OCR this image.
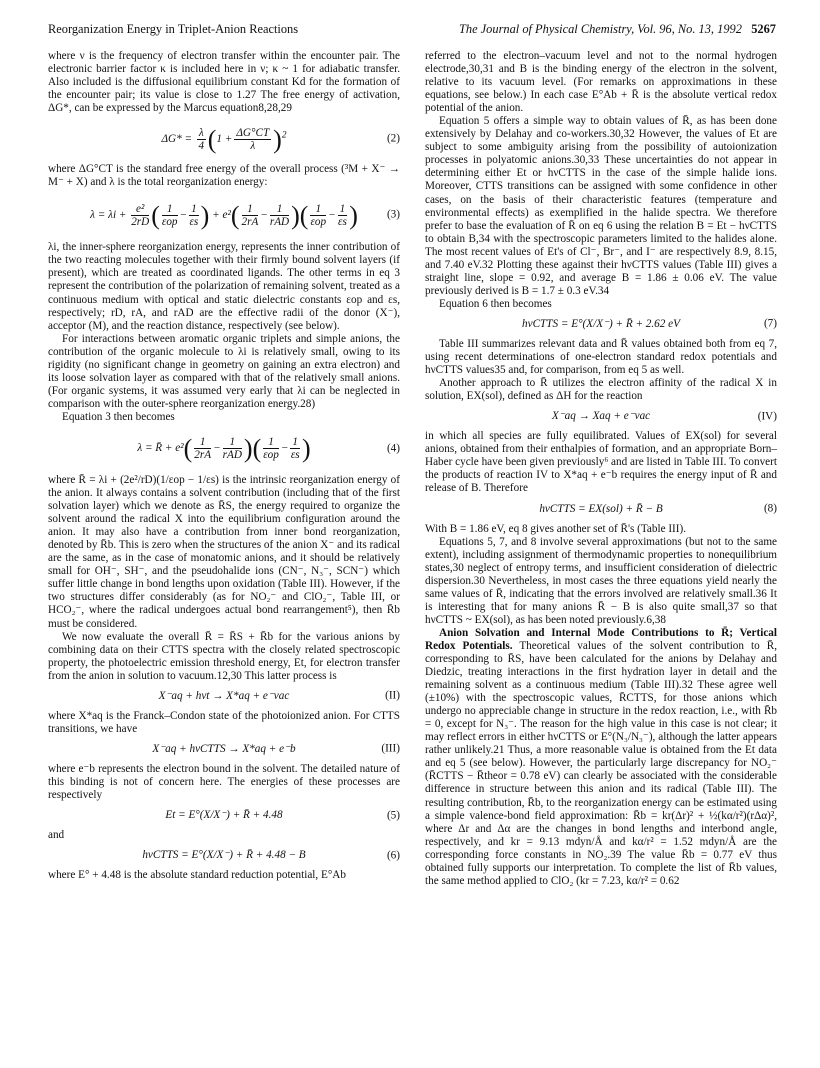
Reorganization Energy in Triplet-Anion Reactions	The Journal of Physical Chemistry, Vol. 96, No. 13, 1992 5267

where ν is the frequency of electron transfer within the encounter pair. The electronic barrier factor κ is included here in ν; κ ~ 1 for adiabatic transfer. Also included is the diffusional equilibrium constant Kd for the formation of the encounter pair; its value is close to 1.27 The free energy of activation, ΔG*, can be expressed by the Marcus equation8,28,29

$\Delta G* = \frac{\lambda}{4} (1 + \frac{\Delta G^\circ CT}{\lambda} )^2$	(2)

where ΔG°CT is the standard free energy of the overall process (³M + X⁻ → M⁻ + X) and λ is the total reorganization energy:

$\lambda = \lambda i + \frac{\text{e²}}{2rD}$ ( 1
εop
− $\frac{1}{\varepsilon s}$ ) + $e^2( \frac{1}{2rA}$ −
1
rAD )( 1
εop
− $\frac{1}{\varepsilon s}$ )	(3)

λi, the inner-sphere reorganization energy, represents the inner contribution of the two reacting molecules together with their firmly bound solvent layers (if present), which are treated as coordinated ligands. The other terms in eq 3 represent the contribution of the polarization of remaining solvent, treated as a continuous medium with optical and static dielectric constants εop and εs, respectively; rD, rA, and rAD are the effective radii of the donor (X⁻), acceptor (M), and the reaction distance, respectively (see below).

For interactions between aromatic organic triplets and simple anions, the contribution of the organic molecule to λi is relatively small, owing to its rigidity (no significant change in geometry on gaining an extra electron) and its loose solvation layer as compared with that of the relatively small anions. (For organic systems, it was assumed very early that λi can be neglected in comparison with the outer-sphere reorganization energy.28)

Equation 3 then becomes

λ = R̄ + $e^2( \frac{1}{2rA}$ −
1
rAD )( 1
εop
− $\frac{1}{\varepsilon s}$ )	(4)

where R̄ = λi + (2e²/rD)(1/εop − 1/εs) is the intrinsic reorganization energy of the anion. It always contains a solvent contribution (including that of the first solvation layer) which we denote as R̄S, the energy required to organize the solvent around the radical X into the equilibrium configuration around the anion. It may also have a contribution from inner bond reorganization, denoted by R̄b. This is zero when the structures of the anion X⁻ and its radical are the same, as in the case of monatomic anions, and it should be relatively small for OH⁻, SH⁻, and the pseudohalide ions (CN⁻, N₃⁻, SCN⁻) which suffer little change in bond lengths upon oxidation (Table III). However, if the two structures differ considerably (as for NO₂⁻ and ClO₂⁻, Table III, or HCO₂⁻, where the radical undergoes actual bond rearrangement⁵), then R̄b must be considered.

We now evaluate the overall R̄ = R̄S + R̄b for the various anions by combining data on their CTTS spectra with the closely related spectroscopic property, the photoelectric emission threshold energy, Et, for electron transfer from the anion in solution to vacuum.12,30 This latter process is

X⁻aq + hνt → X*aq + e⁻vac	(II)

where X*aq is the Franck–Condon state of the photoionized anion. For CTTS transitions, we have

X⁻aq + hνCTTS → X*aq + e⁻b	(III)

where e⁻b represents the electron bound in the solvent. The detailed nature of this binding is not of concern here. The energies of these processes are respectively

Et = E°(X/X⁻) + R̄ + 4.48	(5)

and

hνCTTS = E°(X/X⁻) + R̄ + 4.48 − B	(6)

where E° + 4.48 is the absolute standard reduction potential, E°Ab

referred to the electron–vacuum level and not to the normal hydrogen electrode,30,31 and B is the binding energy of the electron in the solvent, relative to its vacuum level. (For remarks on approximations in these equations, see below.) In each case E°Ab + R̄ is the absolute vertical redox potential of the anion.

Equation 5 offers a simple way to obtain values of R̄, as has been done extensively by Delahay and co-workers.30,32 However, the values of Et are subject to some ambiguity arising from the possibility of autoionization processes in polyatomic anions.30,33 These uncertainties do not appear in determining either Et or hνCTTS in the case of the simple halide ions. Moreover, CTTS transitions can be assigned with some confidence in other cases, on the basis of their characteristic features (temperature and environmental effects) as exemplified in the halide spectra. We therefore prefer to base the evaluation of R̄ on eq 6 using the relation B = Et − hνCTTS to obtain B,34 with the spectroscopic parameters limited to the halides alone. The most recent values of Et's of Cl⁻, Br⁻, and I⁻ are respectively 8.9, 8.15, and 7.40 eV.32 Plotting these against their hνCTTS values (Table III) gives a straight line, slope = 0.92, and average B = 1.86 ± 0.06 eV. The value previously derived is B = 1.7 ± 0.3 eV.34

Equation 6 then becomes

hνCTTS = E°(X/X⁻) + R̄ + 2.62 eV	(7)

Table III summarizes relevant data and R̄ values obtained both from eq 7, using recent determinations of one-electron standard redox potentials and hνCTTS values35 and, for comparison, from eq 5 as well.

Another approach to R̄ utilizes the electron affinity of the radical X in solution, EX(sol), defined as ΔH for the reaction

X⁻aq → Xaq + e⁻vac	(IV)

in which all species are fully equilibrated. Values of EX(sol) for several anions, obtained from their enthalpies of formation, and an appropriate Born–Haber cycle have been given previously⁶ and are listed in Table III. To convert the products of reaction IV to X*aq + e⁻b requires the energy input of R̄ and release of B. Therefore

hνCTTS = EX(sol) + R̄ − B	(8)

With B = 1.86 eV, eq 8 gives another set of R̄'s (Table III).

Equations 5, 7, and 8 involve several approximations (but not to the same extent), including assignment of thermodynamic properties to nonequilibrium states,30 neglect of entropy terms, and insufficient consideration of dielectric dispersion.30 Nevertheless, in most cases the three equations yield nearly the same values of R̄, indicating that the errors involved are relatively small.36 It is interesting that for many anions R̄ − B is also quite small,37 so that hνCTTS ~ EX(sol), as has been noted previously.6,38

Anion Solvation and Internal Mode Contributions to R̄; Vertical Redox Potentials. Theoretical values of the solvent contribution to R̄, corresponding to R̄S, have been calculated for the anions by Delahay and Diedzic, treating interactions in the first hydration layer in detail and the remaining solvent as a continuous medium (Table III).32 These agree well (±10%) with the spectroscopic values, R̄CTTS, for those anions which undergo no appreciable change in structure in the redox reaction, i.e., with R̄b = 0, except for N₃⁻. The reason for the high value in this case is not clear; it may reflect errors in either hνCTTS or E°(N₃/N₃⁻), although the latter appears rather unlikely.21 Thus, a more reasonable value is obtained from the Et data and eq 5 (see below). However, the particularly large discrepancy for NO₂⁻ (R̄CTTS − R̄theor = 0.78 eV) can clearly be associated with the considerable difference in structure between this anion and its radical (Table III). The resulting contribution, R̄b, to the reorganization energy can be estimated using a simple valence-bond field approximation: R̄b = kr(Δr)² + ½(kα/r²)(rΔα)², where Δr and Δα are the changes in bond lengths and interbond angle, respectively, and kr = 9.13 mdyn/Å and kα/r² = 1.52 mdyn/Å are the corresponding force constants in NO₂.39 The value R̄b = 0.77 eV thus obtained fully supports our interpretation. To complete the list of R̄b values, the same method applied to ClO₂ (kr = 7.23, kα/r² = 0.62
